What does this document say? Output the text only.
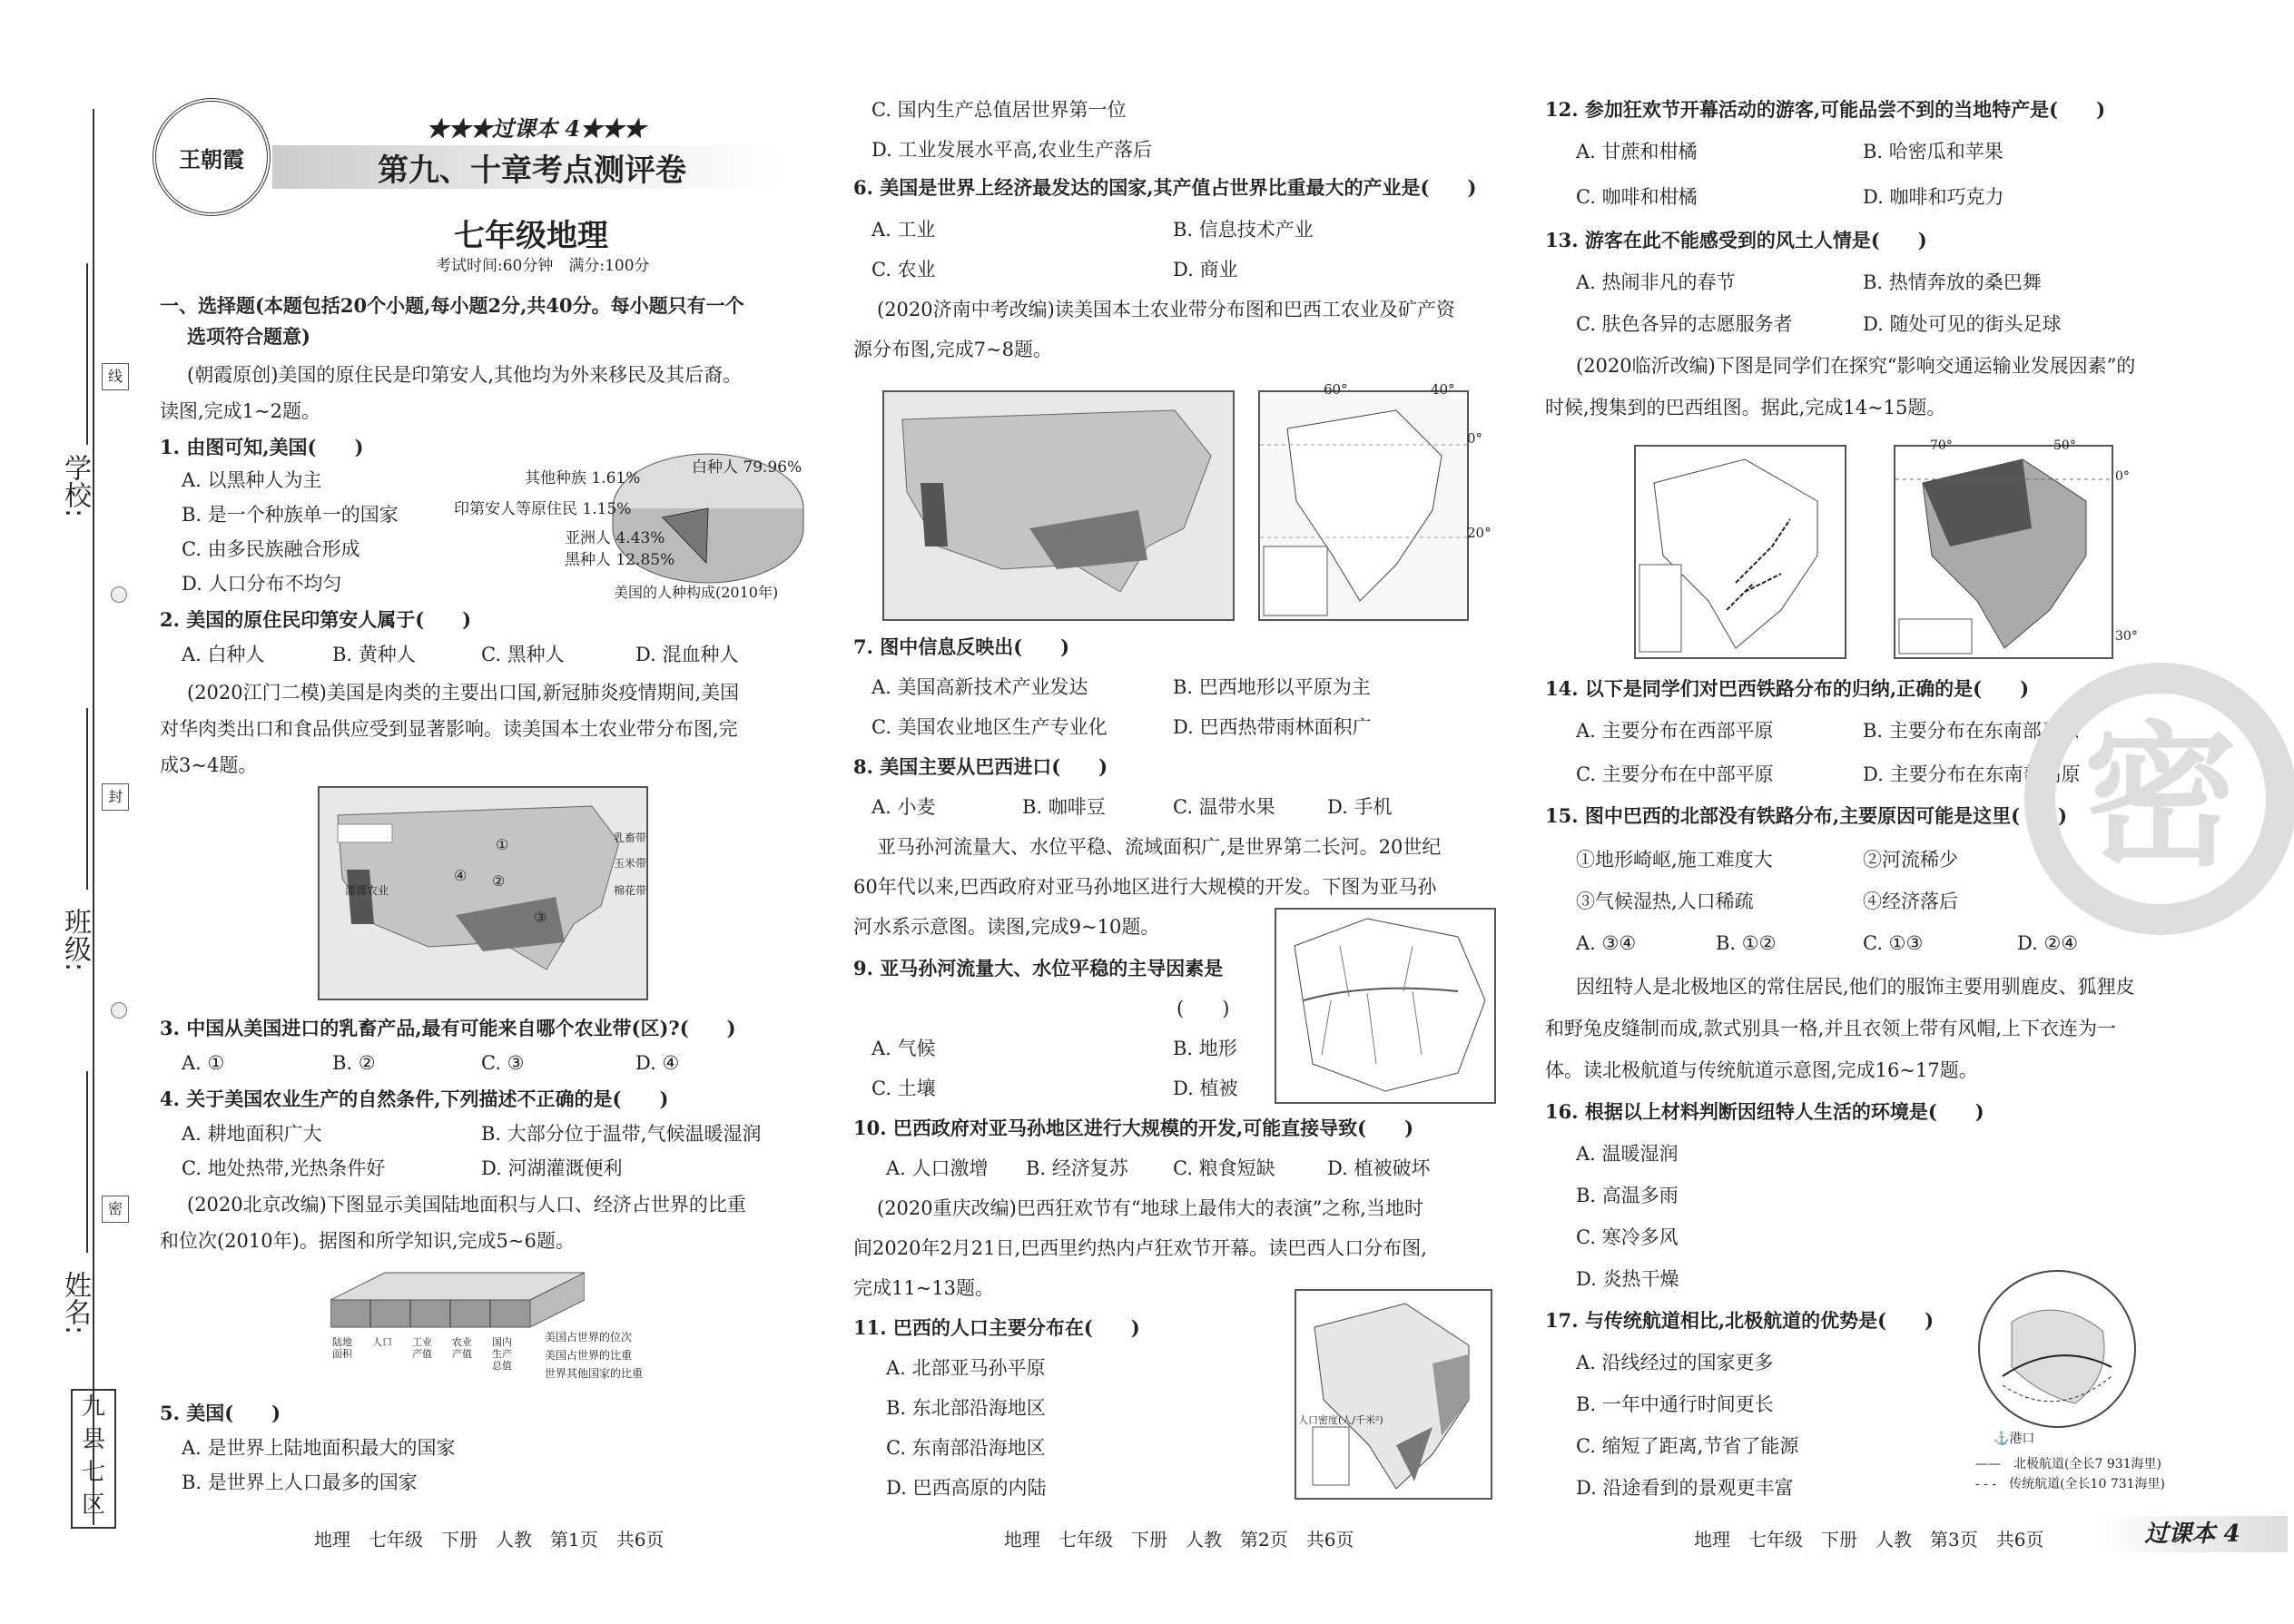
学校:
班级:
姓名:
线
封
密
九
县
七
区
王朝霞
★★★过课本 4★★★
第九、十章考点测评卷
七年级地理
考试时间:60分钟　满分:100分
一、选择题(本题包括20个小题,每小题2分,共40分。每小题只有一个
选项符合题意)
(朝霞原创)美国的原住民是印第安人,其他均为外来移民及其后裔。
读图,完成1~2题。
1. 由图可知,美国(　　)
A. 以黑种人为主
B. 是一个种族单一的国家
C. 由多民族融合形成
D. 人口分布不均匀
白种人 79.96%
其他种族 1.61%
印第安人等原住民 1.15%
亚洲人 4.43%
黑种人 12.85%
美国的人种构成(2010年)
2. 美国的原住民印第安人属于(　　)
A. 白种人	B. 黄种人	C. 黑种人	D. 混血种人
(2020江门二模)美国是肉类的主要出口国,新冠肺炎疫情期间,美国
对华肉类出口和食品供应受到显著影响。读美国本土农业带分布图,完
成3~4题。
①
②
③
④
乳畜带
玉米带
棉花带
灌溉农业
3. 中国从美国进口的乳畜产品,最有可能来自哪个农业带(区)?(　　)
A. ①	B. ②	C. ③	D. ④
4. 关于美国农业生产的自然条件,下列描述不正确的是(　　)
A. 耕地面积广大	B. 大部分位于温带,气候温暖湿润
C. 地处热带,光热条件好	D. 河湖灌溉便利
(2020北京改编)下图显示美国陆地面积与人口、经济占世界的比重
和位次(2010年)。据图和所学知识,完成5~6题。
陆地面积
人口	工业产值
农业产值
国内生产总值
美国占世界的位次
美国占世界的比重
世界其他国家的比重
5. 美国(　　)
A. 是世界上陆地面积最大的国家
B. 是世界上人口最多的国家
C. 国内生产总值居世界第一位
D. 工业发展水平高,农业生产落后
6. 美国是世界上经济最发达的国家,其产值占世界比重最大的产业是(　　)
A. 工业	B. 信息技术产业
C. 农业	D. 商业
(2020济南中考改编)读美国本土农业带分布图和巴西工农业及矿产资
源分布图,完成7~8题。
60°	40°
0°
20°
7. 图中信息反映出(　　)
A. 美国高新技术产业发达	B. 巴西地形以平原为主
C. 美国农业地区生产专业化	D. 巴西热带雨林面积广
8. 美国主要从巴西进口(　　)
A. 小麦	B. 咖啡豆	C. 温带水果	D. 手机
亚马孙河流量大、水位平稳、流域面积广,是世界第二长河。20世纪
60年代以来,巴西政府对亚马孙地区进行大规模的开发。下图为亚马孙
河水系示意图。读图,完成9~10题。
9. 亚马孙河流量大、水位平稳的主导因素是
(　　)
A. 气候	B. 地形
C. 土壤	D. 植被
10. 巴西政府对亚马孙地区进行大规模的开发,可能直接导致(　　)
A. 人口激增 B. 经济复苏 C. 粮食短缺	D. 植被破坏
(2020重庆改编)巴西狂欢节有“地球上最伟大的表演”之称,当地时
间2020年2月21日,巴西里约热内卢狂欢节开幕。读巴西人口分布图,
完成11~13题。
人口密度(人/千米²)
11. 巴西的人口主要分布在(　　)
A. 北部亚马孙平原
B. 东北部沿海地区
C. 东南部沿海地区
D. 巴西高原的内陆
12. 参加狂欢节开幕活动的游客,可能品尝不到的当地特产是(　　)
A. 甘蔗和柑橘	B. 哈密瓜和苹果
C. 咖啡和柑橘	D. 咖啡和巧克力
13. 游客在此不能感受到的风土人情是(　　)
A. 热闹非凡的春节	B. 热情奔放的桑巴舞
C. 肤色各异的志愿服务者	D. 随处可见的街头足球
(2020临沂改编)下图是同学们在探究“影响交通运输业发展因素”的
时候,搜集到的巴西组图。据此,完成14~15题。
70°	50°
0°
30°
14. 以下是同学们对巴西铁路分布的归纳,正确的是(　　)
A. 主要分布在西部平原	B. 主要分布在东南部平原
C. 主要分布在中部平原	D. 主要分布在东南部高原
15. 图中巴西的北部没有铁路分布,主要原因可能是这里(　　)
①地形崎岖,施工难度大	②河流稀少
③气候湿热,人口稀疏	④经济落后
A. ③④	B. ①②	C. ①③	D. ②④
密
因纽特人是北极地区的常住居民,他们的服饰主要用驯鹿皮、狐狸皮
和野兔皮缝制而成,款式别具一格,并且衣领上带有风帽,上下衣连为一
体。读北极航道与传统航道示意图,完成16~17题。
16. 根据以上材料判断因纽特人生活的环境是(　　)
A. 温暖湿润
B. 高温多雨
C. 寒冷多风
D. 炎热干燥
17. 与传统航道相比,北极航道的优势是(　　)
A. 沿线经过的国家更多
B. 一年中通行时间更长
C. 缩短了距离,节省了能源
D. 沿途看到的景观更丰富
⚓港口
——　北极航道(全长7 931海里)
- - -　传统航道(全长10 731海里)
地理　七年级　下册　人教　第1页　共6页	地理　七年级　下册　人教　第2页　共6页	地理　七年级　下册　人教　第3页　共6页	过课本 4
